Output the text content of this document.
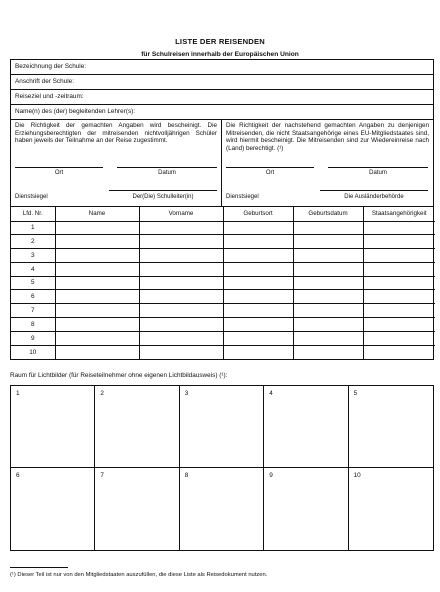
LISTE DER REISENDEN
für Schulreisen innerhalb der Europäischen Union
Bezeichnung der Schule:
Anschrift der Schule:
Reiseziel und -zeitraum:
Name(n) des (der) begleitenden Lehrer(s):
Die Richtigkeit der gemachten Angaben wird bescheinigt. Die Erziehungsberechtigten der mitreisenden nichtvolljährigen Schüler haben jeweils der Teilnahme an der Reise zugestimmt.
Ort	Datum
Dienstsiegel	Der(Die) Schulleiter(in)
Die Richtigkeit der nachstehend gemachten Angaben zu denjenigen Mitreisenden, die nicht Staatsangehörige eines EU-Mitgliedstaates sind, wird hiermit bescheinigt. Die Mitreisenden sind zur Wiedereinreise nach (Land) berechtigt. (¹)
Ort	Datum
Dienstsiegel	Die Ausländerbehörde
Lfd. Nr.	Name	Vorname	Geburtsort	Geburtsdatum	Staatsangehörigkeit
1					
2					
3					
4					
5					
6					
7					
8					
9					
10					
Raum für Lichtbilder (für Reiseteilnehmer ohne eigenen Lichtbildausweis) (¹):
1	2	3	4	5
6	7	8	9	10
(¹) Dieser Teil ist nur von den Mitgliedstaaten auszufüllen, die diese Liste als Reisedokument nutzen.
